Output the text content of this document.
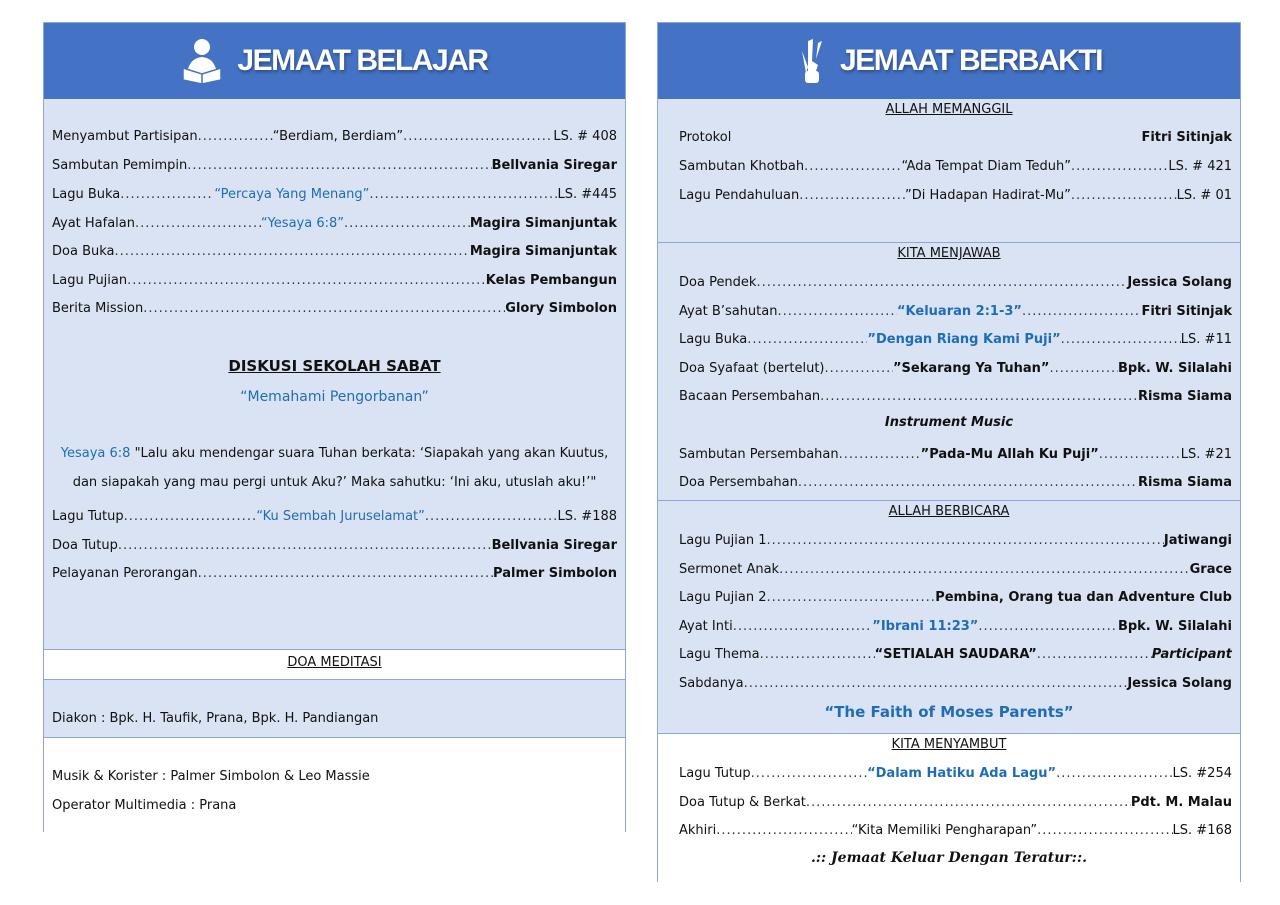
JEMAAT BELAJAR
Menyambut Partisipan .....	“Berdiam, Berdiam” .....	LS. # 408
Sambutan Pemimpin .....	Bellvania Siregar
Lagu Buka .....	“Percaya Yang Menang” .....	LS. #445
Ayat Hafalan .....	“Yesaya 6:8” .....	Magira Simanjuntak
Doa Buka .....	Magira Simanjuntak
Lagu Pujian .....	Kelas Pembangun
Berita Mission .....	Glory Simbolon
DISKUSI SEKOLAH SABAT
“Memahami Pengorbanan”
Yesaya 6:8 "Lalu aku mendengar suara Tuhan berkata: ‘Siapakah yang akan Kuutus, dan siapakah yang mau pergi untuk Aku?’ Maka sahutku: ‘Ini aku, utuslah aku!’"
Lagu Tutup .....	“Ku Sembah Juruselamat” .....	LS. #188
Doa Tutup .....	Bellvania Siregar
Pelayanan Perorangan .....	Palmer Simbolon
DOA MEDITASI
Diakon : Bpk. H. Taufik, Prana, Bpk. H. Pandiangan
Musik & Korister : Palmer Simbolon & Leo Massie
Operator Multimedia : Prana
JEMAAT BERBAKTI
ALLAH MEMANGGIL
Protokol	Fitri Sitinjak
Sambutan Khotbah .....	“Ada Tempat Diam Teduh” .....	LS. # 421
Lagu Pendahuluan .....	”Di Hadapan Hadirat-Mu” .....	LS. # 01
KITA MENJAWAB
Doa Pendek .....	Jessica Solang
Ayat B’sahutan .....	“Keluaran 2:1-3” .....	Fitri Sitinjak
Lagu Buka .....	”Dengan Riang Kami Puji” .....	LS. #11
Doa Syafaat (bertelut) .....	”Sekarang Ya Tuhan” .....	Bpk. W. Silalahi
Bacaan Persembahan .....	Risma Siama
Instrument Music
Sambutan Persembahan .....	”Pada-Mu Allah Ku Puji” .....	LS. #21
Doa Persembahan .....	Risma Siama
ALLAH BERBICARA
Lagu Pujian 1 .....	Jatiwangi
Sermonet Anak .....	Grace
Lagu Pujian 2 .....	Pembina, Orang tua dan Adventure Club
Ayat Inti .....	”Ibrani 11:23” .....	Bpk. W. Silalahi
Lagu Thema .....	“SETIALAH SAUDARA” .....	Participant
Sabdanya .....	Jessica Solang
“The Faith of Moses Parents”
KITA MENYAMBUT
Lagu Tutup .....	“Dalam Hatiku Ada Lagu” .....	LS. #254
Doa Tutup & Berkat .....	Pdt. M. Malau
Akhiri .....	“Kita Memiliki Pengharapan” .....	LS. #168
.:: Jemaat Keluar Dengan Teratur::.
